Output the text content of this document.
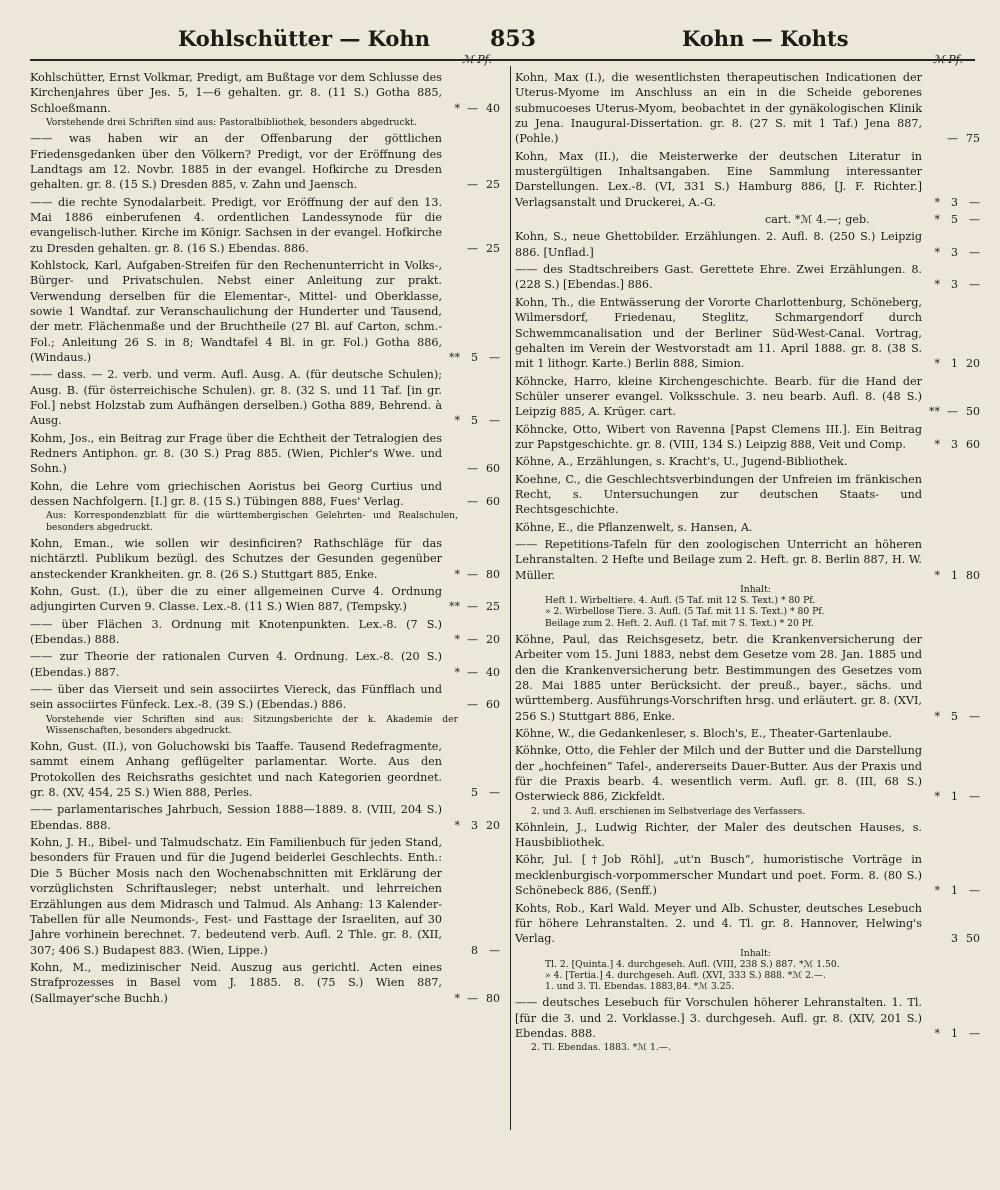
Kohlschütter — Kohn	853	Kohn — Kohts
ℳ Pf.	ℳ Pf.
Kohlschütter, Ernst Volkmar, Predigt, am Bußtage vor dem Schlusse des Kirchenjahres über Jes. 5, 1—6 gehalten. gr. 8. (11 S.) Gotha 885, Schloeßmann.	* — 40
Vorstehende drei Schriften sind aus: Pastoralbibliothek, besonders abgedruckt.
—— was haben wir an der Offenbarung der göttlichen Friedensgedanken über den Völkern? Predigt, vor der Eröffnung des Landtags am 12. Novbr. 1885 in der evangel. Hofkirche zu Dresden gehalten. gr. 8. (15 S.) Dresden 885, v. Zahn und Jaensch.	— 25
—— die rechte Synodalarbeit. Predigt, vor Eröffnung der auf den 13. Mai 1886 einberufenen 4. ordentlichen Landessynode für die evangelisch-luther. Kirche im Königr. Sachsen in der evangel. Hofkirche zu Dresden gehalten. gr. 8. (16 S.) Ebendas. 886.	— 25
Kohlstock, Karl, Aufgaben-Streifen für den Rechenunterricht in Volks-, Bürger- und Privatschulen. Nebst einer Anleitung zur prakt. Verwendung derselben für die Elementar-, Mittel- und Oberklasse, sowie 1 Wandtaf. zur Veranschaulichung der Hunderter und Tausend, der metr. Flächenmaße und der Bruchtheile (27 Bl. auf Carton, schm.-Fol.; Anleitung 26 S. in 8; Wandtafel 4 Bl. in gr. Fol.) Gotha 886, (Windaus.)	**	5	—
—— dass. — 2. verb. und verm. Aufl. Ausg. A. (für deutsche Schulen); Ausg. B. (für österreichische Schulen). gr. 8. (32 S. und 11 Taf. [in gr. Fol.] nebst Holzstab zum Aufhängen derselben.) Gotha 889, Behrend. à Ausg.	*	5	—
Kohm, Jos., ein Beitrag zur Frage über die Echtheit der Tetralogien des Redners Antiphon. gr. 8. (30 S.) Prag 885. (Wien, Pichler's Wwe. und Sohn.)	— 60
Kohn, die Lehre vom griechischen Aoristus bei Georg Curtius und dessen Nachfolgern. [I.] gr. 8. (15 S.) Tübingen 888, Fues' Verlag.	— 60
Aus: Korrespondenzblatt für die württembergischen Gelehrten- und Realschulen, besonders abgedruckt.
Kohn, Eman., wie sollen wir desinficiren? Rathschläge für das nichtärztl. Publikum bezügl. des Schutzes der Gesunden gegenüber ansteckender Krankheiten. gr. 8. (26 S.) Stuttgart 885, Enke.	* — 80
Kohn, Gust. (I.), über die zu einer allgemeinen Curve 4. Ordnung adjungirten Curven 9. Classe. Lex.-8. (11 S.) Wien 887, (Tempsky.)	** — 25
—— über Flächen 3. Ordnung mit Knotenpunkten. Lex.-8. (7 S.) (Ebendas.) 888.	* — 20
—— zur Theorie der rationalen Curven 4. Ordnung. Lex.-8. (20 S.) (Ebendas.) 887.	* — 40
—— über das Vierseit und sein associirtes Viereck, das Fünfflach und sein associirtes Fünfeck. Lex.-8. (39 S.) (Ebendas.) 886.	— 60
Vorstehende vier Schriften sind aus: Sitzungsberichte der k. Akademie der Wissenschaften, besonders abgedruckt.
Kohn, Gust. (II.), von Goluchowski bis Taaffe. Tausend Redefragmente, sammt einem Anhang geflügelter parlamentar. Worte. Aus den Protokollen des Reichsraths gesichtet und nach Kategorien geordnet. gr. 8. (XV, 454, 25 S.) Wien 888, Perles.	5	—
—— parlamentarisches Jahrbuch, Session 1888—1889. 8. (VIII, 204 S.) Ebendas. 888.	*	3 20
Kohn, J. H., Bibel- und Talmudschatz. Ein Familienbuch für jeden Stand, besonders für Frauen und für die Jugend beiderlei Geschlechts. Enth.: Die 5 Bücher Mosis nach den Wochenabschnitten mit Erklärung der vorzüglichsten Schriftausleger; nebst unterhalt. und lehrreichen Erzählungen aus dem Midrasch und Talmud. Als Anhang: 13 Kalender-Tabellen für alle Neumonds-, Fest- und Fasttage der Israeliten, auf 30 Jahre vorhinein berechnet. 7. bedeutend verb. Aufl. 2 Thle. gr. 8. (XII, 307; 406 S.) Budapest 883. (Wien, Lippe.)	8	—
Kohn, M., medizinischer Neid. Auszug aus gerichtl. Acten eines Strafprozesses in Basel vom J. 1885. 8. (75 S.) Wien 887, (Sallmayer'sche Buchh.)	* — 80
Kohn, Max (I.), die wesentlichsten therapeutischen Indicationen der Uterus-Myome im Anschluss an ein in die Scheide geborenes submucoeses Uterus-Myom, beobachtet in der gynäkologischen Klinik zu Jena. Inaugural-Dissertation. gr. 8. (27 S. mit 1 Taf.) Jena 887, (Pohle.)	— 75
Kohn, Max (II.), die Meisterwerke der deutschen Literatur in mustergültigen Inhaltsangaben. Eine Sammlung interessanter Darstellungen. Lex.-8. (VI, 331 S.) Hamburg 886, [J. F. Richter.] Verlagsanstalt und Druckerei, A.-G.	*	3	—
cart. *ℳ 4.—; geb.	*	5	—
Kohn, S., neue Ghettobilder. Erzählungen. 2. Aufl. 8. (250 S.) Leipzig 886. [Unflad.]	*	3	—
—— des Stadtschreibers Gast. Gerettete Ehre. Zwei Erzählungen. 8. (228 S.) [Ebendas.] 886.	*	3	—
Kohn, Th., die Entwässerung der Vororte Charlottenburg, Schöneberg, Wilmersdorf, Friedenau, Steglitz, Schmargendorf durch Schwemmcanalisation und der Berliner Süd-West-Canal. Vortrag, gehalten im Verein der Westvorstadt am 11. April 1888. gr. 8. (38 S. mit 1 lithogr. Karte.) Berlin 888, Simion.	*	1 20
Köhncke, Harro, kleine Kirchengeschichte. Bearb. für die Hand der Schüler unserer evangel. Volksschule. 3. neu bearb. Aufl. 8. (48 S.) Leipzig 885, A. Krüger. cart.	** — 50
Köhncke, Otto, Wibert von Ravenna [Papst Clemens III.]. Ein Beitrag zur Papstgeschichte. gr. 8. (VIII, 134 S.) Leipzig 888, Veit und Comp.	*	3 60
Köhne, A., Erzählungen, s. Kracht's, U., Jugend-Bibliothek.
Koehne, C., die Geschlechtsverbindungen der Unfreien im fränkischen Recht, s. Untersuchungen zur deutschen Staats- und Rechtsgeschichte.
Köhne, E., die Pflanzenwelt, s. Hansen, A.
—— Repetitions-Tafeln für den zoologischen Unterricht an höheren Lehranstalten. 2 Hefte und Beilage zum 2. Heft. gr. 8. Berlin 887, H. W. Müller.	*	1 80
Inhalt:
Heft 1. Wirbeltiere. 4. Aufl. (5 Taf. mit 12 S. Text.) * 80 Pf.
» 2. Wirbellose Tiere. 3. Aufl. (5 Taf. mit 11 S. Text.) * 80 Pf.
Beilage zum 2. Heft. 2. Aufl. (1 Taf. mit 7 S. Text.) * 20 Pf.
Köhne, Paul, das Reichsgesetz, betr. die Krankenversicherung der Arbeiter vom 15. Juni 1883, nebst dem Gesetze vom 28. Jan. 1885 und den die Krankenversicherung betr. Bestimmungen des Gesetzes vom 28. Mai 1885 unter Berücksicht. der preuß., bayer., sächs. und württemberg. Ausführungs-Vorschriften hrsg. und erläutert. gr. 8. (XVI, 256 S.) Stuttgart 886, Enke.	*	5	—
Köhne, W., die Gedankenleser, s. Bloch's, E., Theater-Gartenlaube.
Köhnke, Otto, die Fehler der Milch und der Butter und die Darstellung der „hochfeinen“ Tafel-, andererseits Dauer-Butter. Aus der Praxis und für die Praxis bearb. 4. wesentlich verm. Aufl. gr. 8. (III, 68 S.) Osterwieck 886, Zickfeldt.	*	1	—
2. und 3. Aufl. erschienen im Selbstverlage des Verfassers.
Köhnlein, J., Ludwig Richter, der Maler des deutschen Hauses, s. Hausbibliothek.
Köhr, Jul. [†Job Röhl], „ut'n Busch“, humoristische Vorträge in mecklenburgisch-vorpommerscher Mundart und poet. Form. 8. (80 S.) Schönebeck 886, (Senff.)	*	1	—
Kohts, Rob., Karl Wald. Meyer und Alb. Schuster, deutsches Lesebuch für höhere Lehranstalten. 2. und 4. Tl. gr. 8. Hannover, Helwing's Verlag.	3 50
Inhalt:
Tl. 2. [Quinta.] 4. durchgeseh. Aufl. (VIII, 238 S.) 887. *ℳ 1.50.
» 4. [Tertia.] 4. durchgeseh. Aufl. (XVI, 333 S.) 888. *ℳ 2.—.
1. und 3. Tl. Ebendas. 1883,84. *ℳ 3.25.
—— deutsches Lesebuch für Vorschulen höherer Lehranstalten. 1. Tl. [für die 3. und 2. Vorklasse.] 3. durchgeseh. Aufl. gr. 8. (XIV, 201 S.) Ebendas. 888.	*	1	—
2. Tl. Ebendas. 1883. *ℳ 1.—.
